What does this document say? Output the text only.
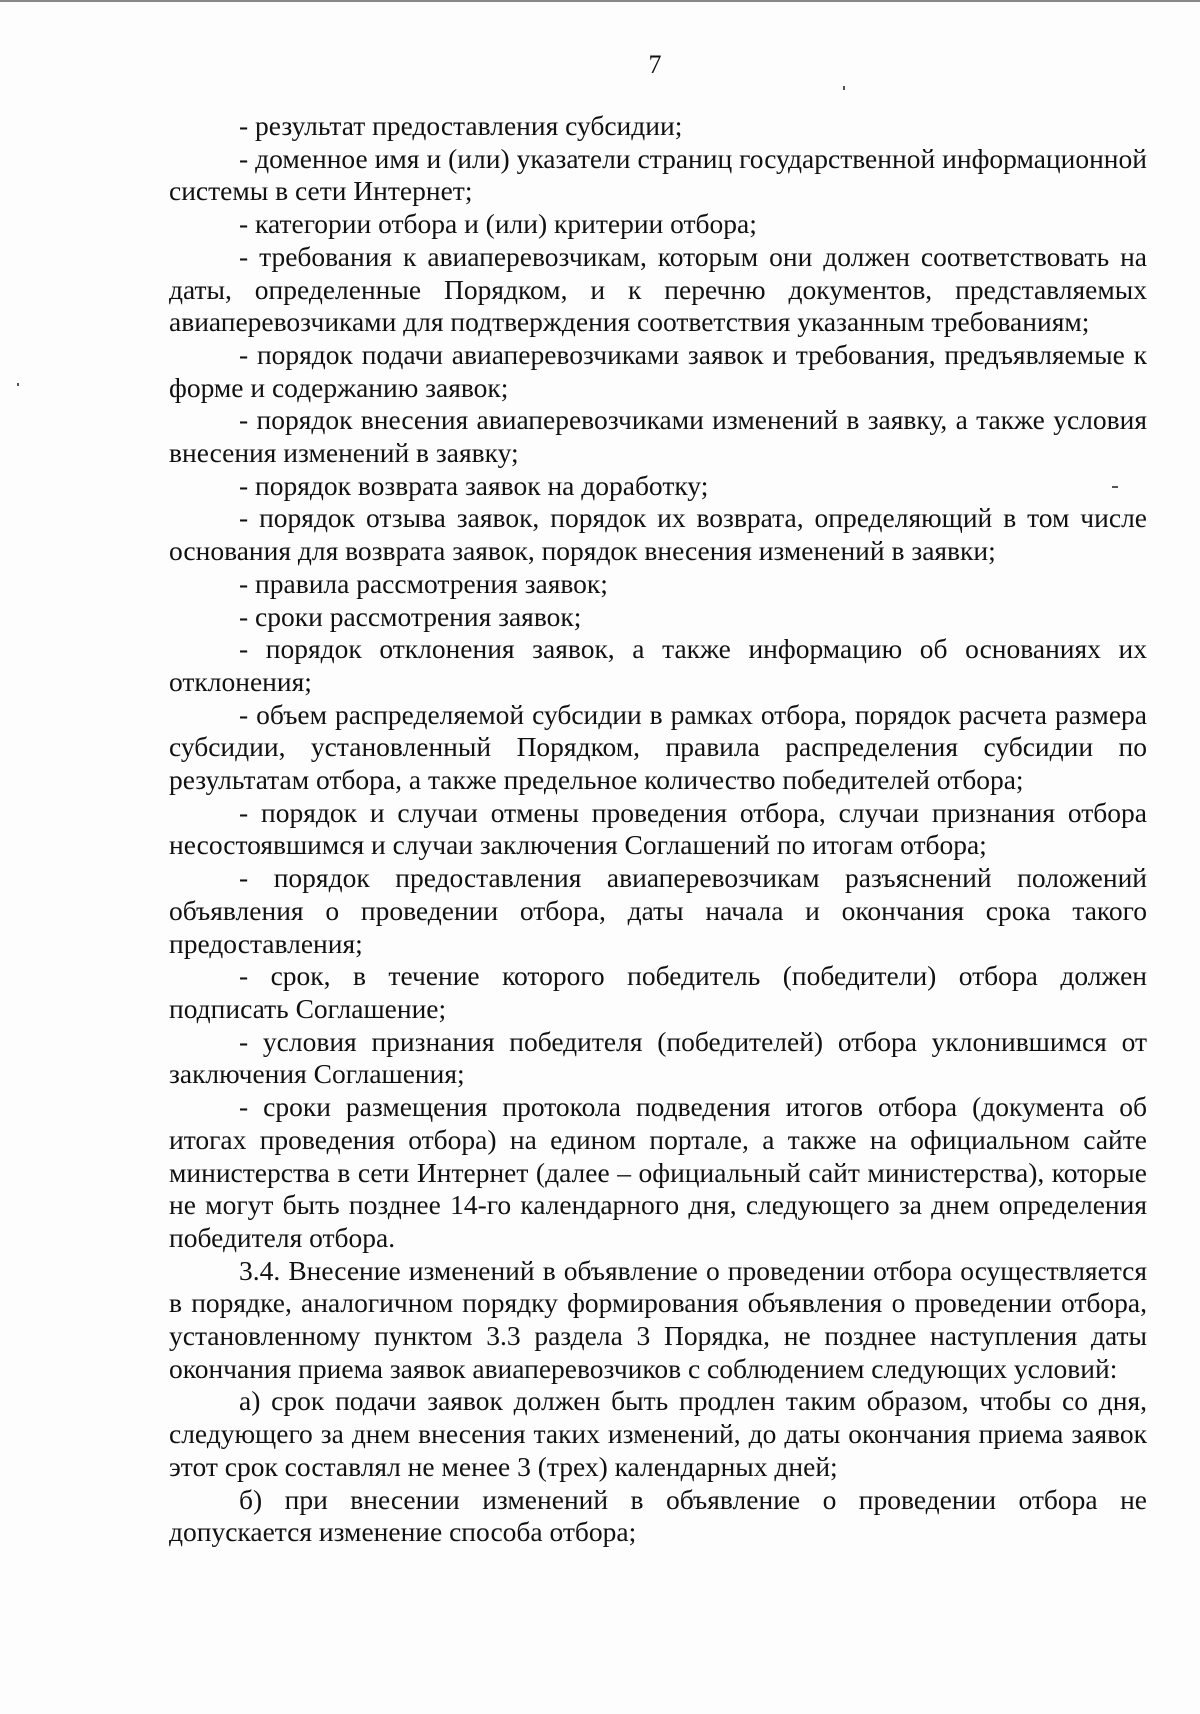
7

- результат предоставления субсидии;

- доменное имя и (или) указатели страниц государственной информационной системы в сети Интернет;

- категории отбора и (или) критерии отбора;

- требования к авиаперевозчикам, которым они должен соответствовать на даты, определенные Порядком, и к перечню документов, представляемых авиаперевозчиками для подтверждения соответствия указанным требованиям;

- порядок подачи авиаперевозчиками заявок и требования, предъявляемые к форме и содержанию заявок;

- порядок внесения авиаперевозчиками изменений в заявку, а также условия внесения изменений в заявку;

- порядок возврата заявок на доработку;

- порядок отзыва заявок, порядок их возврата, определяющий в том числе основания для возврата заявок, порядок внесения изменений в заявки;

- правила рассмотрения заявок;

- сроки рассмотрения заявок;

- порядок отклонения заявок, а также информацию об основаниях их отклонения;

- объем распределяемой субсидии в рамках отбора, порядок расчета размера субсидии, установленный Порядком, правила распределения субсидии по результатам отбора, а также предельное количество победителей отбора;

- порядок и случаи отмены проведения отбора, случаи признания отбора несостоявшимся и случаи заключения Соглашений по итогам отбора;

- порядок предоставления авиаперевозчикам разъяснений положений объявления о проведении отбора, даты начала и окончания срока такого предоставления;

- срок, в течение которого победитель (победители) отбора должен подписать Соглашение;

- условия признания победителя (победителей) отбора уклонившимся от заключения Соглашения;

- сроки размещения протокола подведения итогов отбора (документа об итогах проведения отбора) на едином портале, а также на официальном сайте министерства в сети Интернет (далее – официальный сайт министерства), которые не могут быть позднее 14-го календарного дня, следующего за днем определения победителя отбора.

3.4. Внесение изменений в объявление о проведении отбора осуществляется в порядке, аналогичном порядку формирования объявления о проведении отбора, установленному пунктом 3.3 раздела 3 Порядка, не позднее наступления даты окончания приема заявок авиаперевозчиков с соблюдением следующих условий:

а) срок подачи заявок должен быть продлен таким образом, чтобы со дня, следующего за днем внесения таких изменений, до даты окончания приема заявок этот срок составлял не менее 3 (трех) календарных дней;

б) при внесении изменений в объявление о проведении отбора не допускается изменение способа отбора;
